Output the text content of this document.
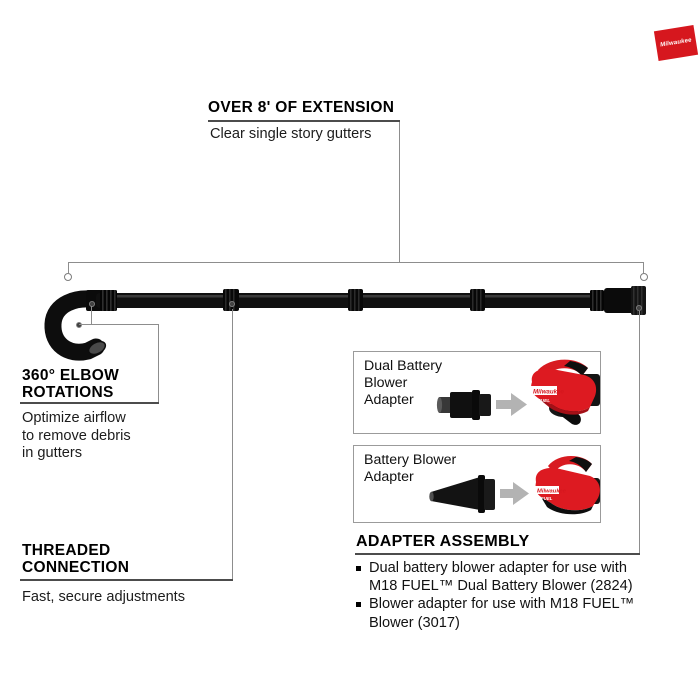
Milwaukee
OVER 8' OF EXTENSION
Clear single story gutters
360° ELBOW
ROTATIONS
Optimize airflow
to remove debris
in gutters
THREADED
CONNECTION
Fast, secure adjustments
Dual Battery
Blower
Adapter	Milwaukee
FUEL
Battery Blower
Adapter
Milwaukee
FUEL
ADAPTER ASSEMBLY
Dual battery blower adapter for use with
M18 FUEL™ Dual Battery Blower (2824)
Blower adapter for use with M18 FUEL™
Blower (3017)
